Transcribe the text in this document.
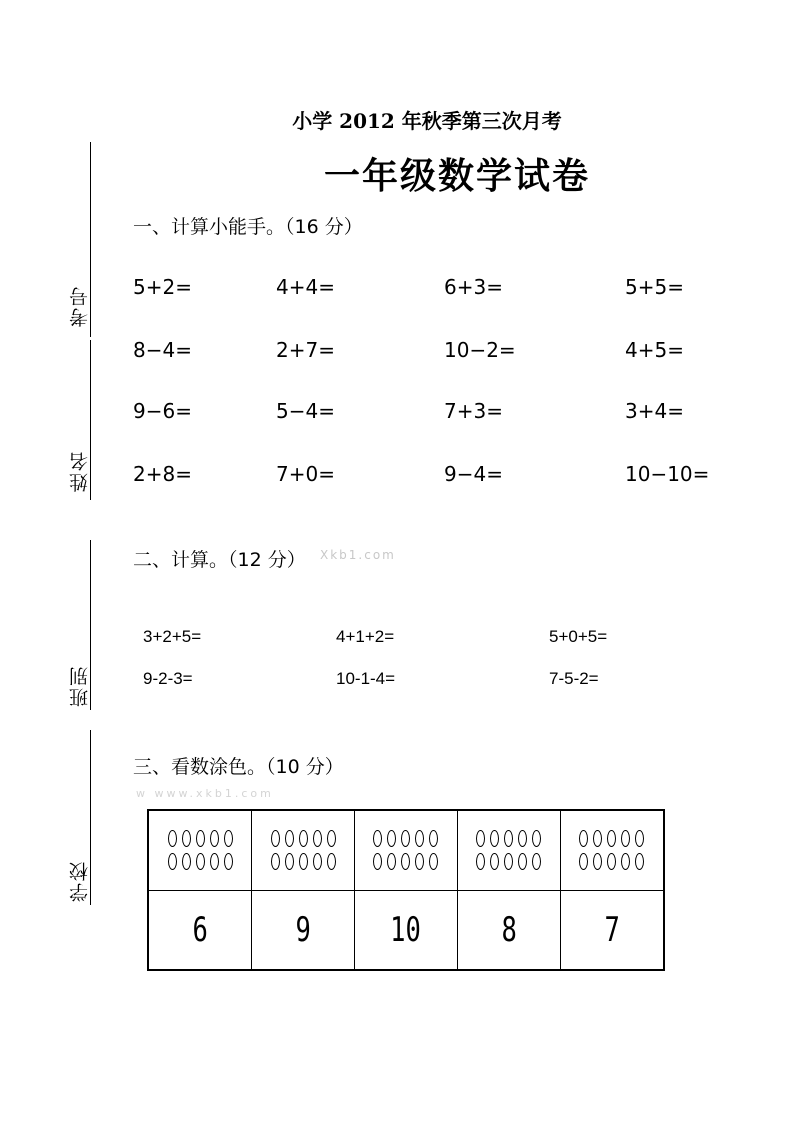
考号
姓名
班别
学校
小学 2012 年秋季第三次月考
一年级数学试卷
一、计算小能手。（16 分）
5+2=	4+4=	6+3=	5+5=
8−4=	2+7=	10−2=	4+5=
9−6=	5−4=	7+3=	3+4=
2+8=	7+0=	9−4=	10−10=
二、计算。（12 分） Xkb1.com
3+2+5=	4+1+2=	5+0+5=
9-2-3=	10-1-4=	7-5-2=
三、看数涂色。（10 分）
w www.xkb1.com

6	9	10	8	7
